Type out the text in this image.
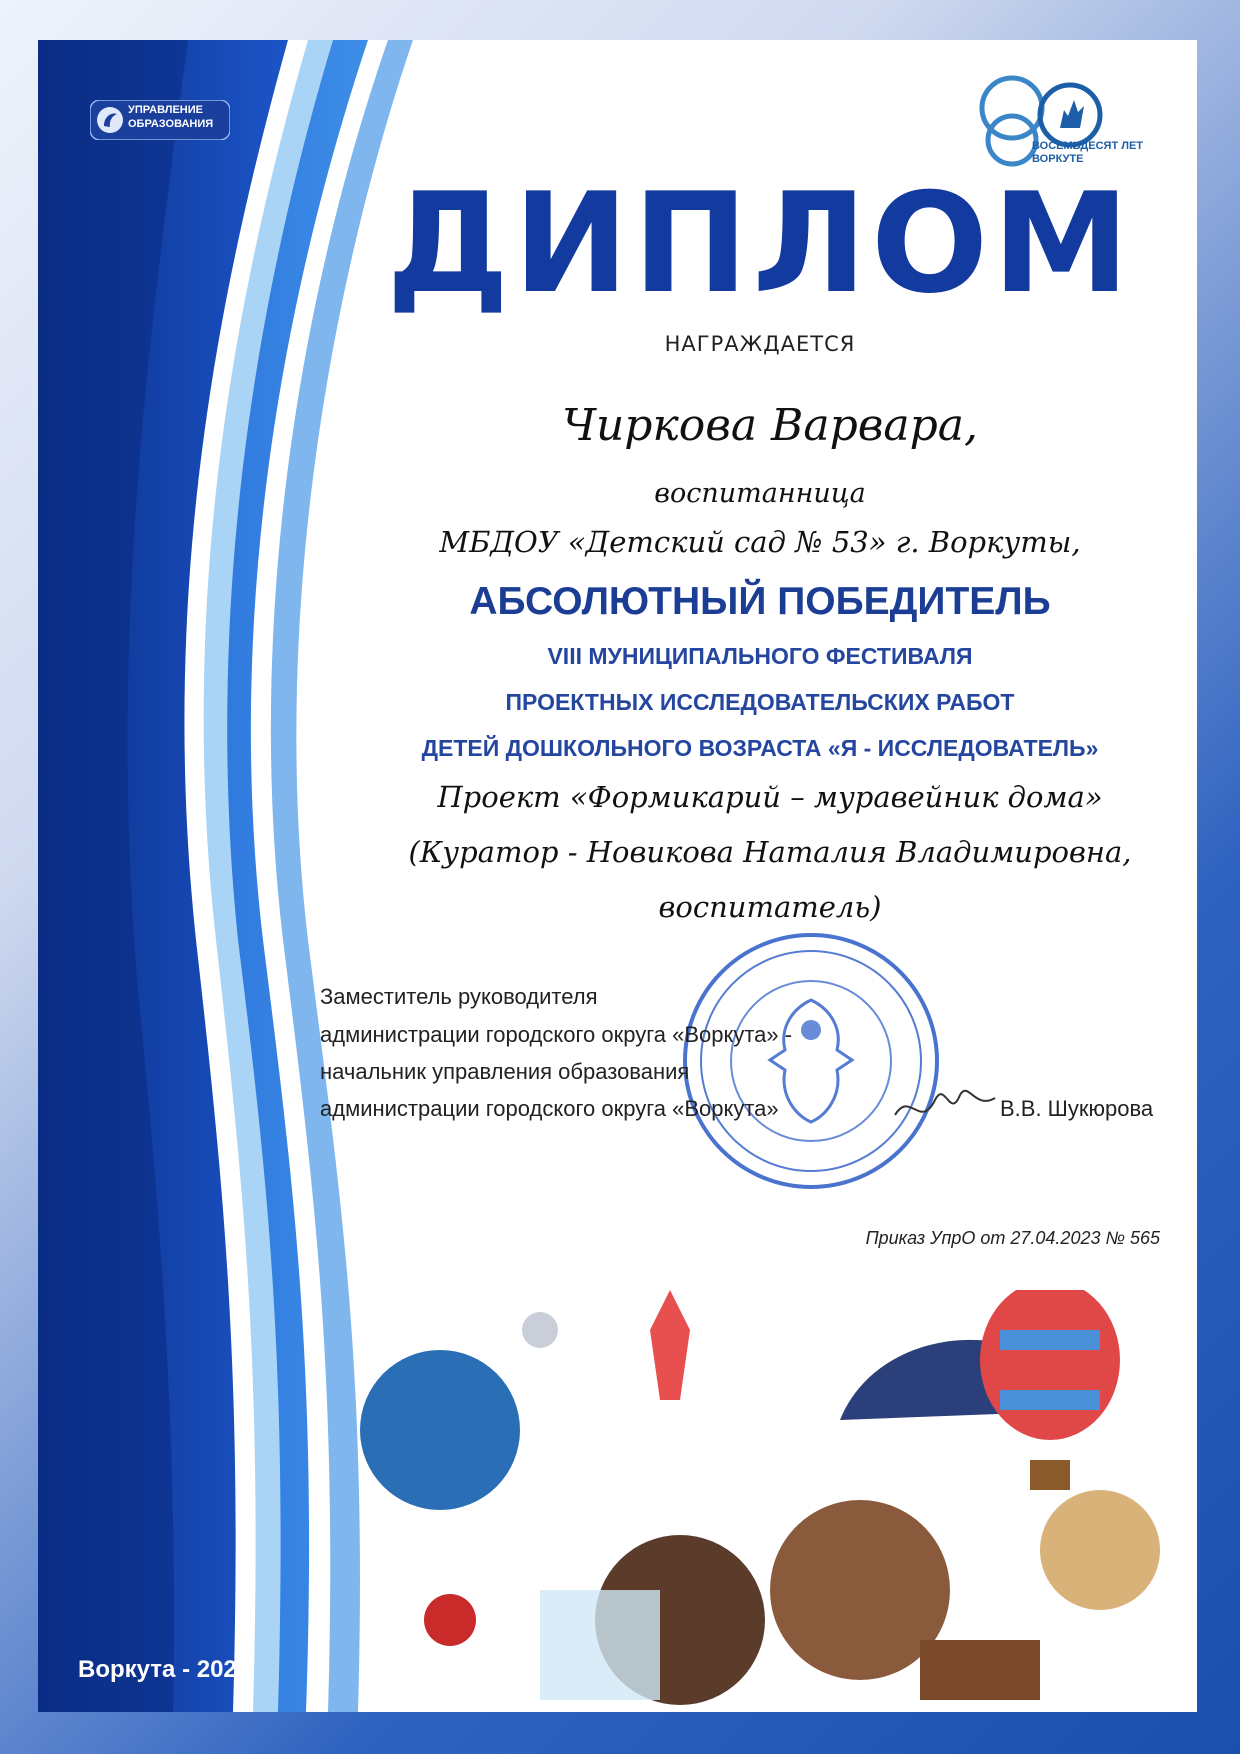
УПРАВЛЕНИЕ
ОБРАЗОВАНИЯ
ВОСЕМЬДЕСЯТ ЛЕТ
ВОРКУТЕ
ДИПЛОМ
НАГРАЖДАЕТСЯ
Чиркова Варвара,
воспитанница
МБДОУ «Детский сад № 53» г. Воркуты,
АБСОЛЮТНЫЙ ПОБЕДИТЕЛЬ
VIII МУНИЦИПАЛЬНОГО ФЕСТИВАЛЯ
ПРОЕКТНЫХ ИССЛЕДОВАТЕЛЬСКИХ РАБОТ
ДЕТЕЙ ДОШКОЛЬНОГО ВОЗРАСТА «Я - ИССЛЕДОВАТЕЛЬ»
Проект «Формикарий – муравейник дома»
(Куратор - Новикова Наталия Владимировна,
воспитатель)
Заместитель руководителя
администрации городского округа «Воркута» -
начальник управления образования
администрации городского округа «Воркута»	В.В. Шукюрова
Приказ УпрО от 27.04.2023 № 565
Воркута - 2023
